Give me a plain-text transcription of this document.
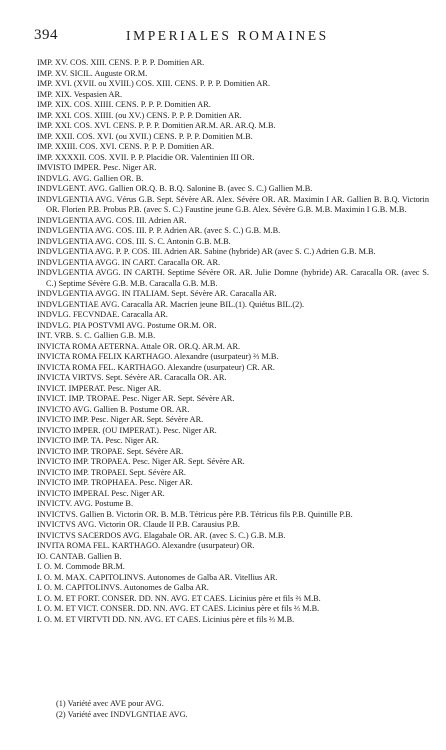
394	IMPERIALES ROMAINES

IMP. XV. COS. XIII. CENS. P. P. P. Domitien AR.

IMP. XV. SICIL. Auguste OR.M.

IMP. XVI. (XVII. ou XVIII.) COS. XIII. CENS. P. P. P. Domitien AR.

IMP. XIX. Vespasien AR.

IMP. XIX. COS. XIIII. CENS. P. P. P. Domitien AR.

IMP. XXI. COS. XIIII. (ou XV.) CENS. P. P. P. Domitien AR.

IMP. XXI. COS. XVI. CENS. P. P. P. Domitien AR.M. AR. AR.Q. M.B.

IMP. XXII. COS. XVI. (ou XVII.) CENS. P. P. P. Domitien M.B.

IMP. XXIII. COS. XVI. CENS. P. P. P. Domitien AR.

IMP. XXXXII. COS. XVII. P. P. Placidie OR. Valentinien III OR.

IMVISTO IMPER. Pesc. Niger AR.

INDVLG. AVG. Gallien OR. B.

INDVLGENT. AVG. Gallien OR.Q. B. B.Q. Salonine B. (avec S. C.) Gallien M.B.

INDVLGENTIA AVG. Vérus G.B. Sept. Sévère AR. Alex. Sévère OR. AR. Maximin I AR. Gallien B. B.Q. Victorin OR. Florien P.B. Probus P.B. (avec S. C.) Faustine jeune G.B. Alex. Sévère G.B. M.B. Maximin I G.B. M.B.

INDVLGENTIA AVG. COS. III. Adrien AR.

INDVLGENTIA AVG. COS. III. P. P. Adrien AR. (avec S. C.) G.B. M.B.

INDVLGENTIA AVG. COS. III. S. C. Antonin G.B. M.B.

INDVLGENTIA AVG. P. P. COS. III. Adrien AR. Sabine (hybride) AR (avec S. C.) Adrien G.B. M.B.

INDVLGENTIA AVGG. IN CART. Caracalla OR. AR.

INDVLGENTIA AVGG. IN CARTH. Septime Sévère OR. AR. Julie Domne (hybride) AR. Caracalla OR. (avec S. C.) Septime Sévère G.B. M.B. Caracalla G.B. M.B.

INDVLGENTIA AVGG. IN ITALIAM. Sept. Sévère AR. Caracalla AR.

INDVLGENTIAE AVG. Caracalla AR. Macrien jeune BIL.(1). Quiétus BIL.(2).

INDVLG. FECVNDAE. Caracalla AR.

INDVLG. PIA POSTVMI AVG. Postume OR.M. OR.

INT. VRB. S. C. Gallien G.B. M.B.

INVICTA ROMA AETERNA. Attale OR. OR.Q. AR.M. AR.

INVICTA ROMA FELIX KARTHAGO. Alexandre (usurpateur) ⅔ M.B.

INVICTA ROMA FEL. KARTHAGO. Alexandre (usurpateur) CR. AR.

INVICTA VIRTVS. Sept. Sévère AR. Caracalla OR. AR.

INVICT. IMPERAT. Pesc. Niger AR.

INVICT. IMP. TROPAE. Pesc. Niger AR. Sept. Sévère AR.

INVICTO AVG. Gallien B. Postume OR. AR.

INVICTO IMP. Pesc. Niger AR. Sept. Sévère AR.

INVICTO IMPER. (OU IMPERAT.). Pesc. Niger AR.

INVICTO IMP. TA. Pesc. Niger AR.

INVICTO IMP. TROPAE. Sept. Sévère AR.

INVICTO IMP. TROPAEA. Pesc. Niger AR. Sept. Sévère AR.

INVICTO IMP. TROPAEI. Sept. Sévère AR.

INVICTO IMP. TROPHAEA. Pesc. Niger AR.

INVICTO IMPERAI. Pesc. Niger AR.

INVICTV. AVG. Postume B.

INVICTVS. Gallien B. Victorin OR. B. M.B. Tétricus père P.B. Tétricus fils P.B. Quintille P.B.

INVICTVS AVG. Victorin OR. Claude II P.B. Carausius P.B.

INVICTVS SACERDOS AVG. Elagabale OR. AR. (avec S. C.) G.B. M.B.

INVITA ROMA FEL. KARTHAGO. Alexandre (usurpateur) OR.

IO. CANTAB. Gallien B.

I. O. M. Commode BR.M.

I. O. M. MAX. CAPITOLINVS. Autonomes de Galba AR. Vitellius AR.

I. O. M. CAPITOLINVS. Autonomes de Galba AR.

I. O. M. ET FORT. CONSER. DD. NN. AVG. ET CAES. Licinius père et fils ⅔ M.B.

I. O. M. ET VICT. CONSER. DD. NN. AVG. ET CAES. Licinius père et fils ⅔ M.B.

I. O. M. ET VIRTVTI DD. NN. AVG. ET CAES. Licinius père et fils ⅔ M.B.

(1) Variété avec AVE pour AVG.

(2) Variété avec INDVLGNTIAE AVG.
